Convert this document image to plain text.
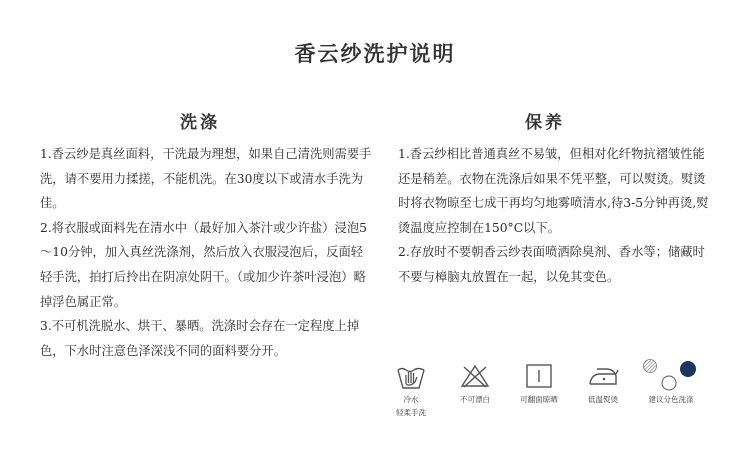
香云纱洗护说明
洗涤	保养

1.香云纱是真丝面料，干洗最为理想，如果自己清洗则需要手洗，请不要用力揉搓，不能机洗。在30度以下或清水手洗为佳。

2.将衣服或面料先在清水中（最好加入茶汁或少许盐）浸泡5～10分钟，加入真丝洗涤剂，然后放入衣服浸泡后，反面轻轻手洗，拍打后拎出在阴凉处阴干。（或加少许茶叶浸泡）略掉浮色属正常。

3.不可机洗脱水、烘干、暴晒。洗涤时会存在一定程度上掉色，下水时注意色泽深浅不同的面料要分开。

1.香云纱相比普通真丝不易皱，但相对化纤物抗褶皱性能还是稍差。衣物在洗涤后如果不凭平整，可以熨烫。熨烫时将衣物晾至七成干再均匀地雾喷清水,待3-5分钟再烫,熨烫温度应控制在150°C以下。

2.存放时不要朝香云纱表面喷洒除臭剂、香水等；储藏时不要与樟脑丸放置在一起，以免其变色。

冷水
轻柔手洗
不可漂白	可翻面晾晒	低温熨烫	建议分色洗涤
